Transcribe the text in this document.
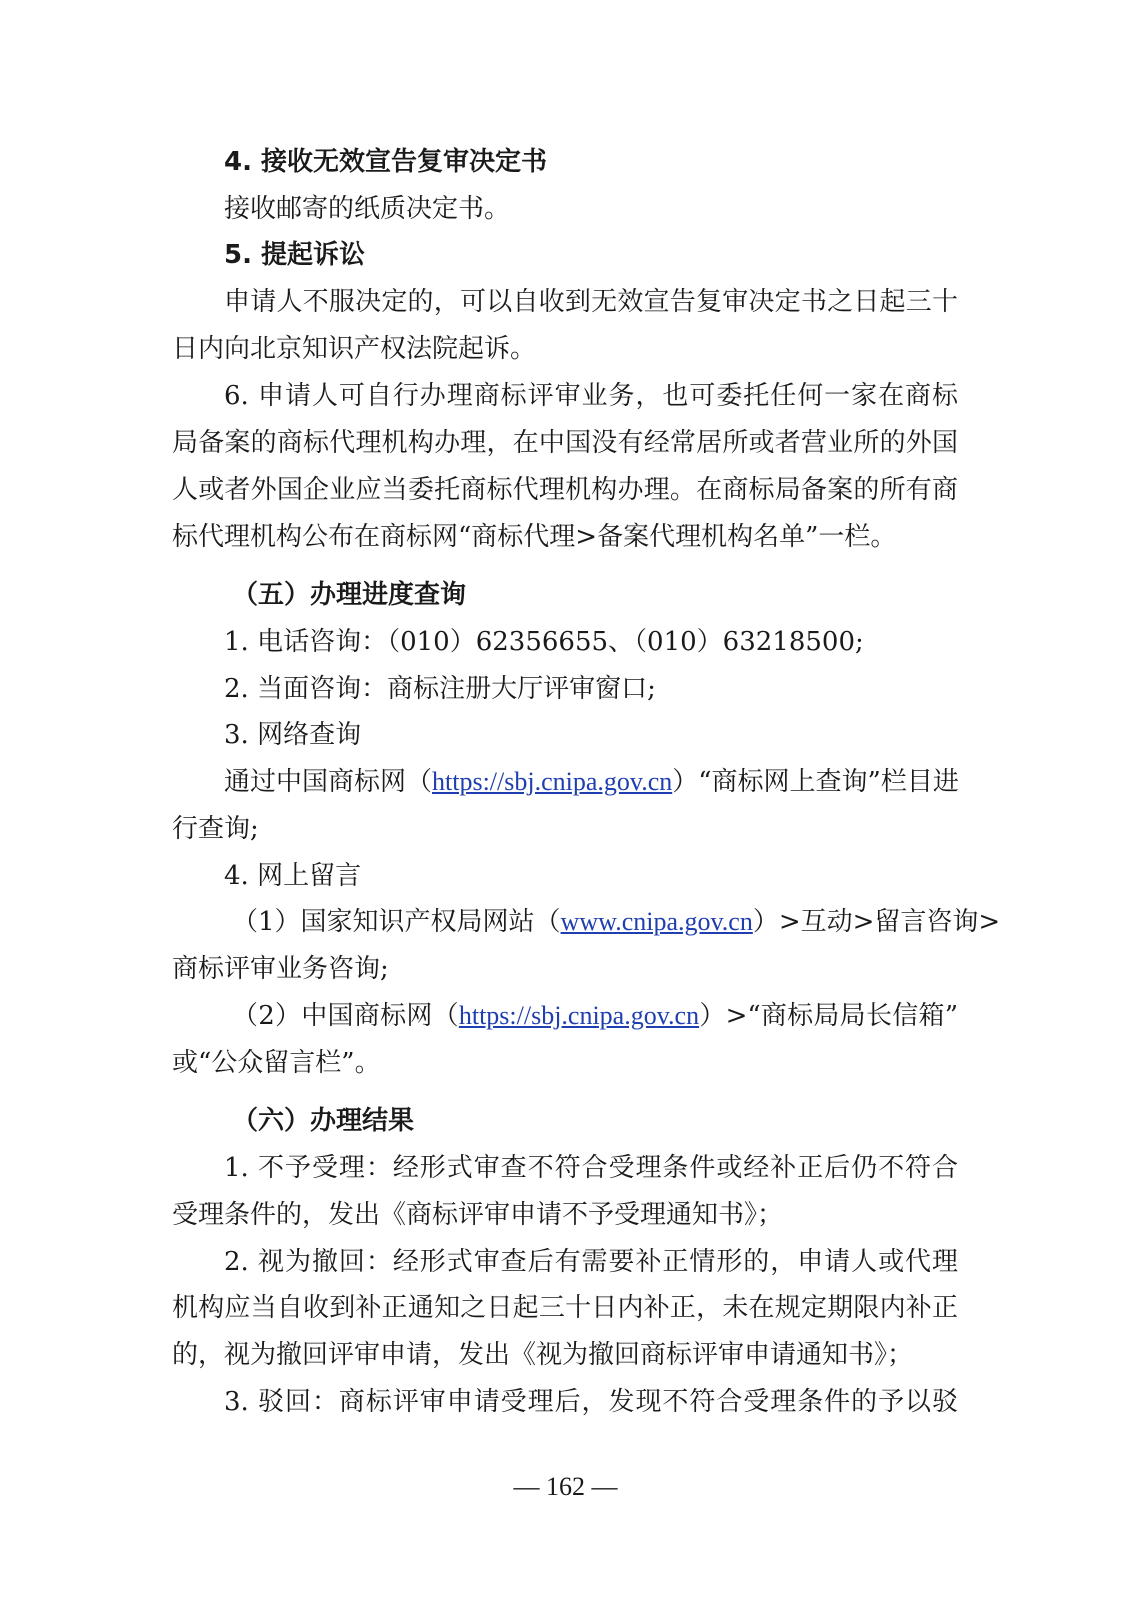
4. 接收无效宣告复审决定书
接收邮寄的纸质决定书。
5. 提起诉讼
申请人不服决定的，可以自收到无效宣告复审决定书之日起三十
日内向北京知识产权法院起诉。
6. 申请人可自行办理商标评审业务，也可委托任何一家在商标
局备案的商标代理机构办理，在中国没有经常居所或者营业所的外国
人或者外国企业应当委托商标代理机构办理。在商标局备案的所有商
标代理机构公布在商标网“商标代理>备案代理机构名单”一栏。
（五）办理进度查询
1. 电话咨询：（010）62356655、（010）63218500;
2. 当面咨询：商标注册大厅评审窗口;
3. 网络查询
通过中国商标网（https://sbj.cnipa.gov.cn）“商标网上查询”栏目进
行查询;
4. 网上留言
（1）国家知识产权局网站（www.cnipa.gov.cn）>互动>留言咨询>
商标评审业务咨询;
（2）中国商标网（https://sbj.cnipa.gov.cn）>“商标局局长信箱”
或“公众留言栏”。
（六）办理结果
1. 不予受理：经形式审查不符合受理条件或经补正后仍不符合
受理条件的，发出《商标评审申请不予受理通知书》；
2. 视为撤回：经形式审查后有需要补正情形的，申请人或代理
机构应当自收到补正通知之日起三十日内补正，未在规定期限内补正
的，视为撤回评审申请，发出《视为撤回商标评审申请通知书》；
3. 驳回：商标评审申请受理后，发现不符合受理条件的予以驳
— 162 —
